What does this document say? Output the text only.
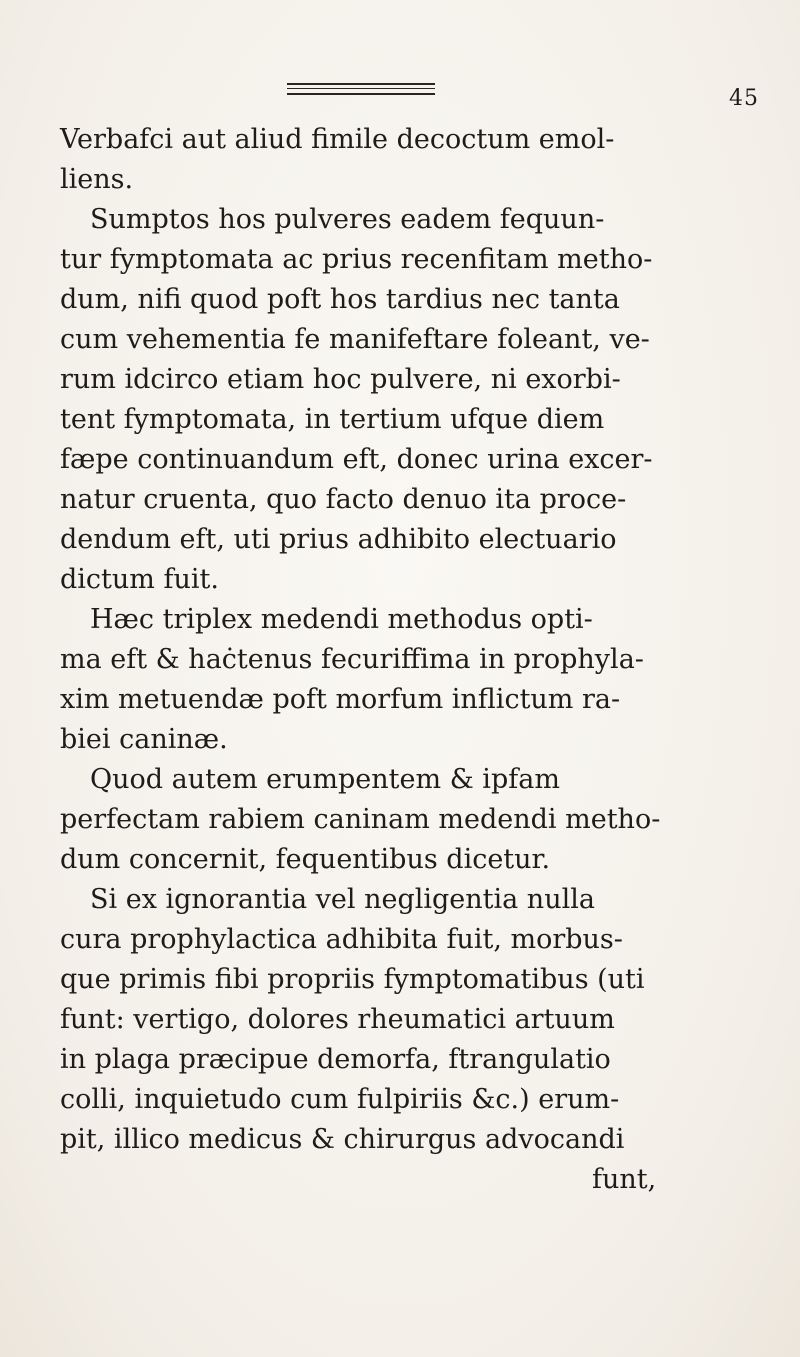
45
Verbafci aut aliud fimile decoctum emol-
liens.
Sumptos hos pulveres eadem fequun-
tur fymptomata ac prius recenfitam metho-
dum, nifi quod poft hos tardius nec tanta
cum vehementia fe manifeftare foleant, ve-
rum idcirco etiam hoc pulvere, ni exorbi-
tent fymptomata, in tertium ufque diem
fæpe continuandum eft, donec urina excer-
natur cruenta, quo facto denuo ita proce-
dendum eft, uti prius adhibito electuario
dictum fuit.
Hæc triplex medendi methodus opti-
ma eft & haċtenus fecuriffima in prophyla-
xim metuendæ poft morfum inflictum ra-
biei caninæ.
Quod autem erumpentem & ipfam
perfectam rabiem caninam medendi metho-
dum concernit, fequentibus dicetur.
Si ex ignorantia vel negligentia nulla
cura prophylactica adhibita fuit, morbus-
que primis fibi propriis fymptomatibus (uti
funt: vertigo, dolores rheumatici artuum
in plaga præcipue demorfa, ftrangulatio
colli, inquietudo cum fulpiriis &c.) erum-
pit, illico medicus & chirurgus advocandi
funt,
